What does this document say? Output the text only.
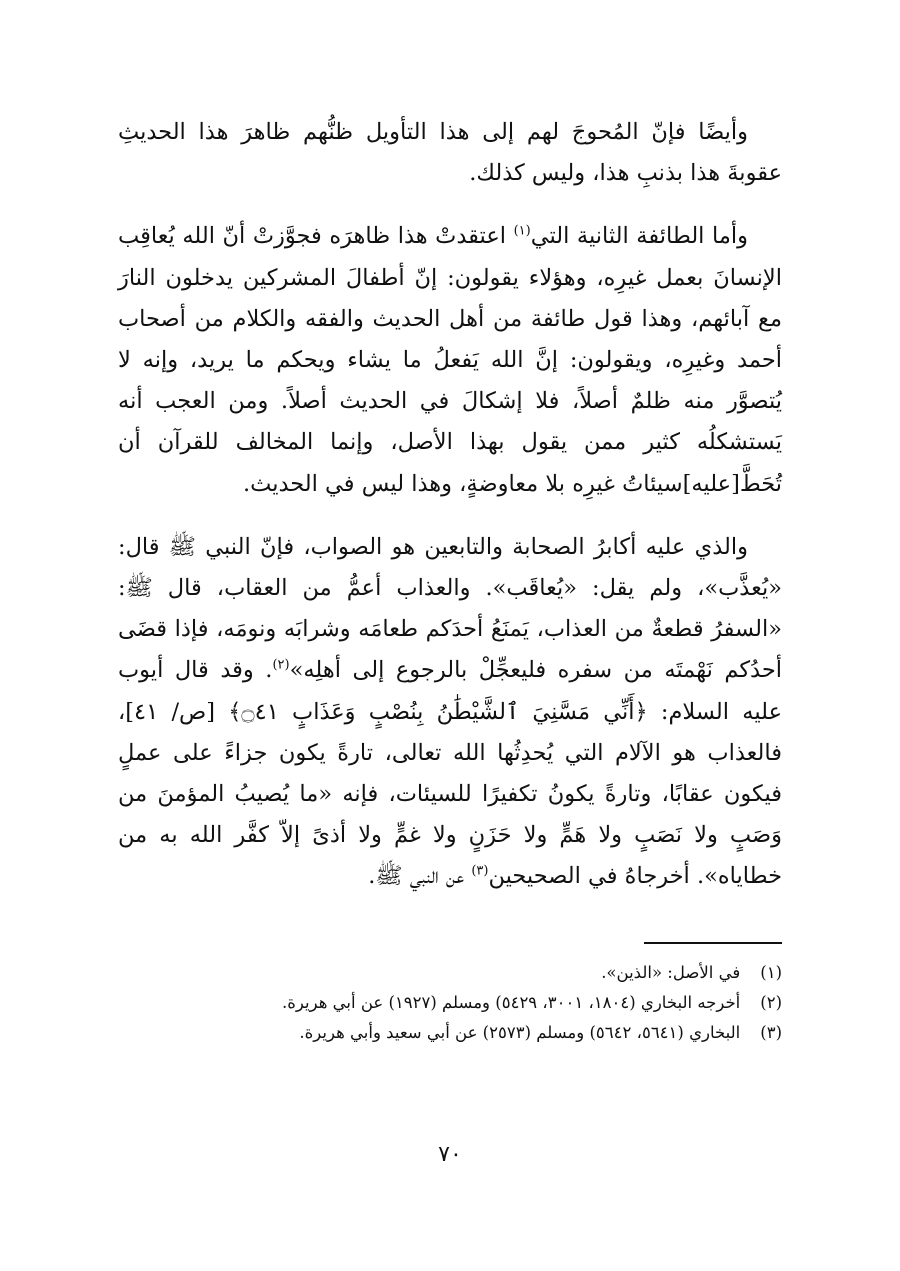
وأيضًا فإنّ المُحوجَ لهم إلى هذا التأويل ظنُّهم ظاهرَ هذا الحديثِ عقوبةَ هذا بذنبِ هذا، وليس كذلك.

وأما الطائفة الثانية التي$^{(١)}$ اعتقدتْ هذا ظاهرَه فجوَّزتْ أنّ الله يُعاقِب الإنسانَ بعمل غيرِه، وهؤلاء يقولون: إنّ أطفالَ المشركين يدخلون النارَ مع آبائهم، وهذا قول طائفة من أهل الحديث والفقه والكلام من أصحاب أحمد وغيرِه، ويقولون: إنَّ الله يَفعلُ ما يشاء ويحكم ما يريد، وإنه لا يُتصوَّر منه ظلمٌ أصلاً، فلا إشكالَ في الحديث أصلاً. ومن العجب أنه يَستشكلُه كثير ممن يقول بهذا الأصل، وإنما المخالف للقرآن أن تُحَطَّ[عليه]سيئاتُ غيرِه بلا معاوضةٍ، وهذا ليس في الحديث.

والذي عليه أكابرُ الصحابة والتابعين هو الصواب، فإنّ النبي ﷺ قال: «يُعذَّب»، ولم يقل: «يُعاقَب». والعذاب أعمُّ من العقاب، قال ﷺ: «السفرُ قطعةٌ من العذاب، يَمنَعُ أحدَكم طعامَه وشرابَه ونومَه، فإذا قضَى أحدُكم نَهْمتَه من سفره فليعجِّلْ بالرجوع إلى أهلِه»$^{(٢)}$. وقد قال أيوب عليه السلام: ﴿أَنِّي مَسَّنِيَ ٱلشَّيْطَٰنُ بِنُصْبٍ وَعَذَابٍ ۝٤١﴾ [ص/ ٤١]، فالعذاب هو الآلام التي يُحدِثُها الله تعالى، تارةً يكون جزاءً على عملٍ فيكون عقابًا، وتارةً يكونُ تكفيرًا للسيئات، فإنه «ما يُصيبُ المؤمنَ من وَصَبٍ ولا نَصَبٍ ولا هَمٍّ ولا حَزَنٍ ولا غمٍّ ولا أذىً إلاّ كفَّر الله به من خطاياه». أخرجاهُ في الصحيحين$^{(٣)}$ عن النبي ﷺ.

(١)
في الأصل: «الذين».
(٢)
أخرجه البخاري (١٨٠٤، ٣٠٠١، ٥٤٢٩) ومسلم (١٩٢٧) عن أبي هريرة.
(٣)
البخاري (٥٦٤١، ٥٦٤٢) ومسلم (٢٥٧٣) عن أبي سعيد وأبي هريرة.
٧٠
